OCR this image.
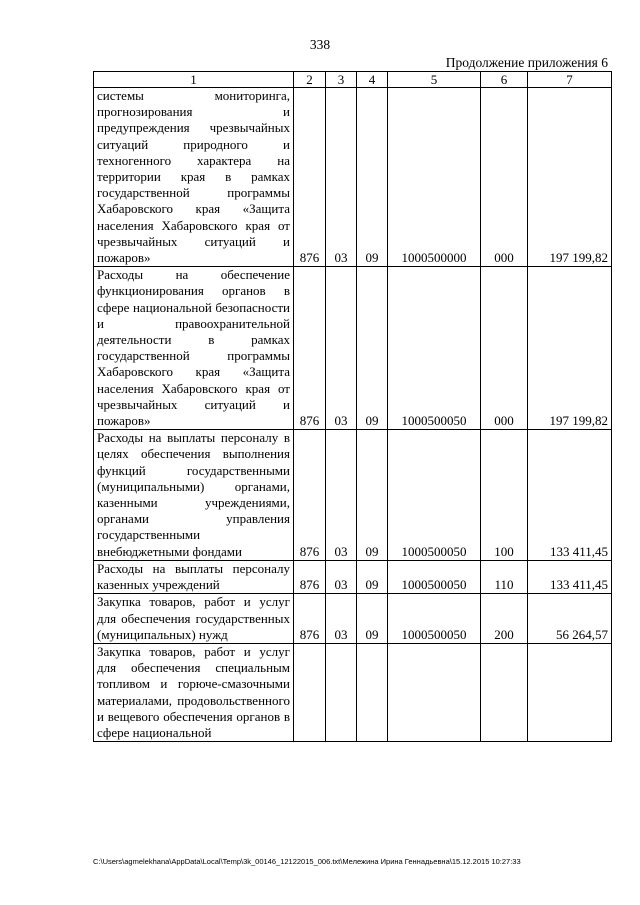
338
Продолжение приложения 6
1	2	3	4	5	6	7
системы мониторинга, прогнозирования и предупреждения чрезвычайных ситуаций природного и техногенного характера на территории края в рамках государственной программы Хабаровского края «Защита населения Хабаровского края от чрезвычайных ситуаций и пожаров»	876	03	09	1000500000	000	197 199,82
Расходы на обеспечение функционирования органов в сфере национальной безопасности и правоохранительной деятельности в рамках государственной программы Хабаровского края «Защита населения Хабаровского края от чрезвычайных ситуаций и пожаров»	876	03	09	1000500050	000	197 199,82
Расходы на выплаты персоналу в целях обеспечения выполнения функций государственными (муниципальными) органами, казенными учреждениями, органами управления государственными внебюджетными фондами	876	03	09	1000500050	100	133 411,45
Расходы на выплаты персоналу казенных учреждений	876	03	09	1000500050	110	133 411,45
Закупка товаров, работ и услуг для обеспечения государственных (муниципальных) нужд	876	03	09	1000500050	200	56 264,57
Закупка товаров, работ и услуг для обеспечения специальным топливом и горюче-смазочными материалами, продовольственного и вещевого обеспечения органов в сфере национальной						
C:\Users\agmelekhana\AppData\Local\Temp\3k_00146_12122015_006.txt\Мележина Ирина Геннадьевна\15.12.2015 10:27:33
